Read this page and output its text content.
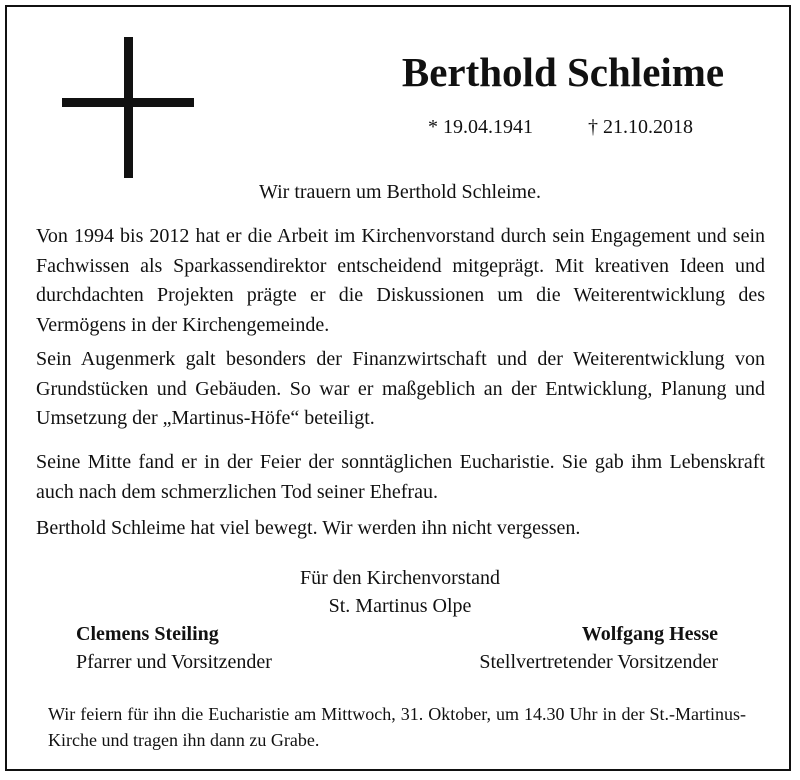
Berthold Schleime
* 19.04.1941	† 21.10.2018
Wir trauern um Berthold Schleime.

Von 1994 bis 2012 hat er die Arbeit im Kirchenvorstand durch sein Engagement und sein Fachwissen als Sparkassendirektor entscheidend mitgeprägt. Mit kreativen Ideen und durchdachten Projekten prägte er die Diskussionen um die Weiterentwicklung des Vermögens in der Kirchengemeinde.

Sein Augenmerk galt besonders der Finanzwirtschaft und der Weiterentwicklung von Grundstücken und Gebäuden. So war er maßgeblich an der Entwicklung, Planung und Umsetzung der „Martinus-Höfe“ beteiligt.

Seine Mitte fand er in der Feier der sonntäglichen Eucharistie. Sie gab ihm Lebenskraft auch nach dem schmerzlichen Tod seiner Ehefrau.

Berthold Schleime hat viel bewegt. Wir werden ihn nicht vergessen.

Für den Kirchenvorstand
St. Martinus Olpe
Clemens Steiling
Pfarrer und Vorsitzender
Wolfgang Hesse
Stellvertretender Vorsitzender

Wir feiern für ihn die Eucharistie am Mittwoch, 31. Oktober, um 14.30 Uhr in der St.-Martinus-Kirche und tragen ihn dann zu Grabe.
